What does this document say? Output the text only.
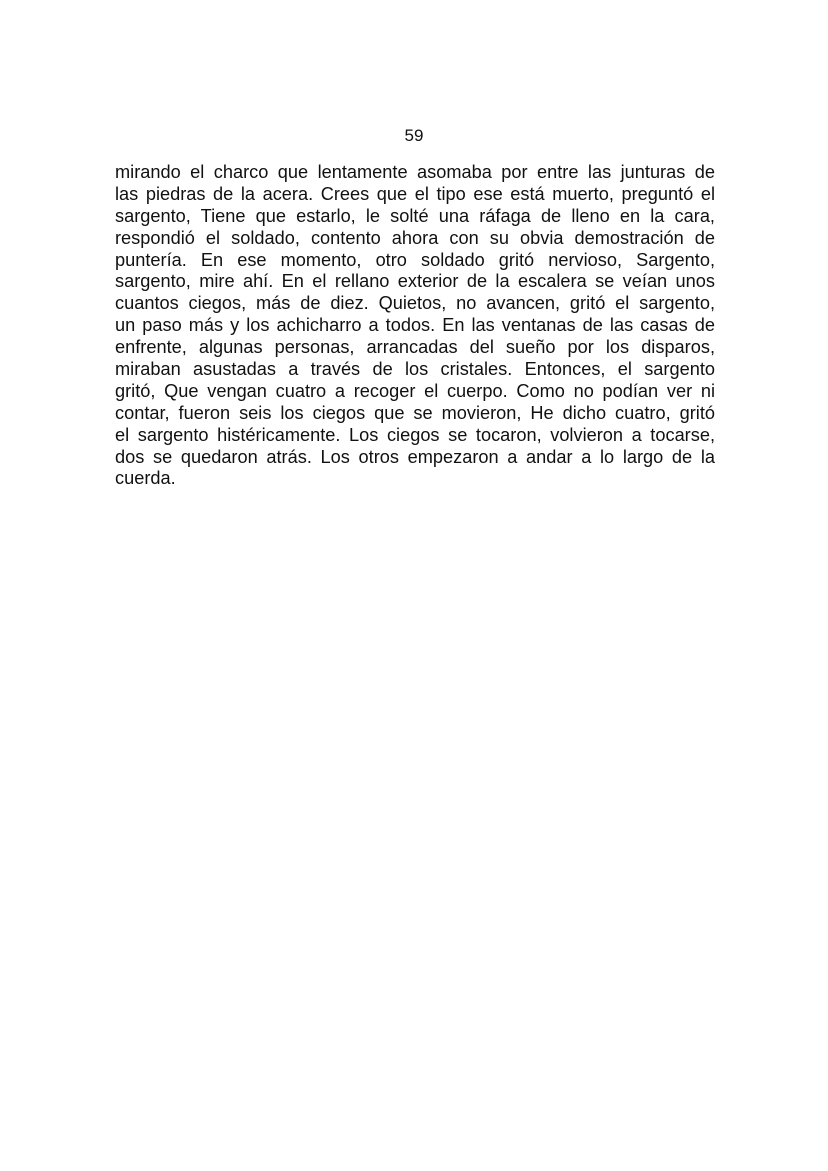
59
mirando el charco que lentamente asomaba por entre las junturas de
las piedras de la acera. Crees que el tipo ese está muerto, preguntó el
sargento, Tiene que estarlo, le solté una ráfaga de lleno en la cara,
respondió el soldado, contento ahora con su obvia demostración de
puntería. En ese momento, otro soldado gritó nervioso, Sargento,
sargento, mire ahí. En el rellano exterior de la escalera se veían unos
cuantos ciegos, más de diez. Quietos, no avancen, gritó el sargento,
un paso más y los achicharro a todos. En las ventanas de las casas de
enfrente, algunas personas, arrancadas del sueño por los disparos,
miraban asustadas a través de los cristales. Entonces, el sargento
gritó, Que vengan cuatro a recoger el cuerpo. Como no podían ver ni
contar, fueron seis los ciegos que se movieron, He dicho cuatro, gritó
el sargento histéricamente. Los ciegos se tocaron, volvieron a tocarse,
dos se quedaron atrás. Los otros empezaron a andar a lo largo de la
cuerda.
